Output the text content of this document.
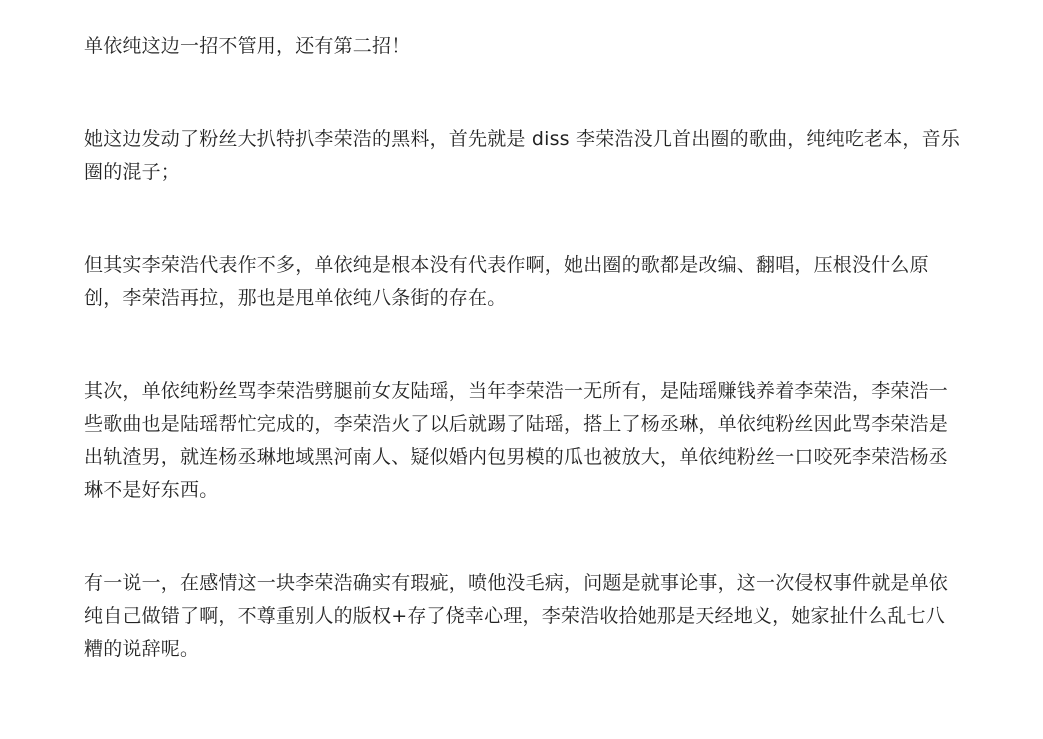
单依纯这边一招不管用，还有第二招！

她这边发动了粉丝大扒特扒李荣浩的黑料，首先就是 diss 李荣浩没几首出圈的歌曲，纯纯吃老本，音乐圈的混子；

但其实李荣浩代表作不多，单依纯是根本没有代表作啊，她出圈的歌都是改编、翻唱，压根没什么原创，李荣浩再拉，那也是甩单依纯八条街的存在。

其次，单依纯粉丝骂李荣浩劈腿前女友陆瑶，当年李荣浩一无所有，是陆瑶赚钱养着李荣浩，李荣浩一些歌曲也是陆瑶帮忙完成的，李荣浩火了以后就踢了陆瑶，搭上了杨丞琳，单依纯粉丝因此骂李荣浩是出轨渣男，就连杨丞琳地域黑河南人、疑似婚内包男模的瓜也被放大，单依纯粉丝一口咬死李荣浩杨丞琳不是好东西。

有一说一，在感情这一块李荣浩确实有瑕疵，喷他没毛病，问题是就事论事，这一次侵权事件就是单依纯自己做错了啊，不尊重别人的版权+存了侥幸心理，李荣浩收拾她那是天经地义，她家扯什么乱七八糟的说辞呢。
